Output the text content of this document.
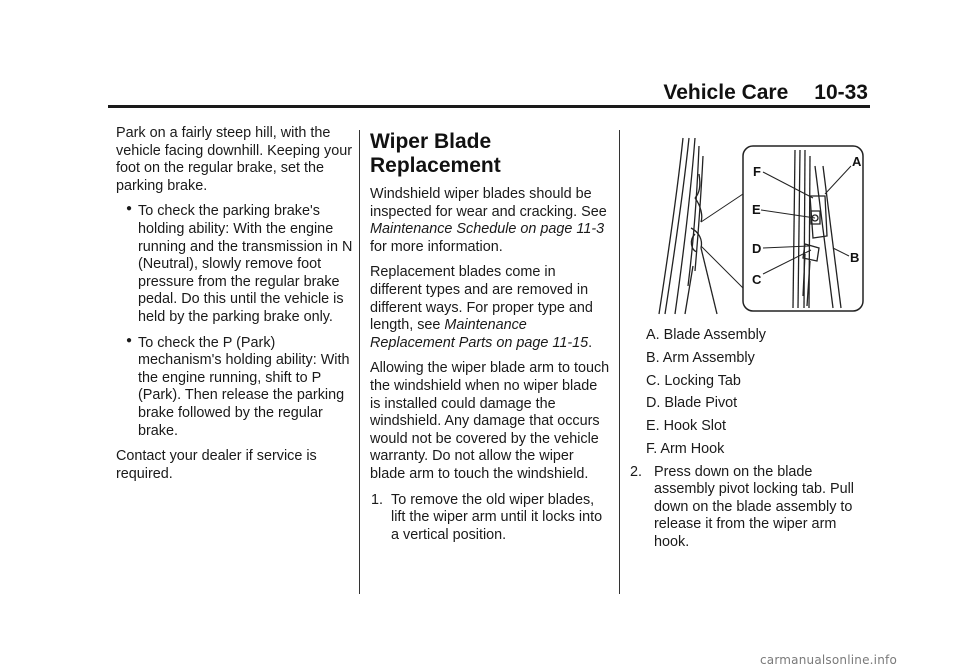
Vehicle Care 10-33

Park on a fairly steep hill, with the vehicle facing downhill. Keeping your foot on the regular brake, set the parking brake.

● To check the parking brake's holding ability: With the engine running and the transmission in N (Neutral), slowly remove foot pressure from the regular brake pedal. Do this until the vehicle is held by the parking brake only.
● To check the P (Park) mechanism's holding ability: With the engine running, shift to P (Park). Then release the parking brake followed by the regular brake.

Contact your dealer if service is required.

Wiper Blade Replacement

Windshield wiper blades should be inspected for wear and cracking. See Maintenance Schedule on page 11-3 for more information.

Replacement blades come in different types and are removed in different ways. For proper type and length, see Maintenance Replacement Parts on page 11-15.

Allowing the wiper blade arm to touch the windshield when no wiper blade is installed could damage the windshield. Any damage that occurs would not be covered by the vehicle warranty. Do not allow the wiper blade arm to touch the windshield.

1. To remove the old wiper blades, lift the wiper arm until it locks into a vertical position.
F
A
E
D
C
B
A. Blade Assembly
B. Arm Assembly
C. Locking Tab
D. Blade Pivot
E. Hook Slot
F. Arm Hook
2. Press down on the blade assembly pivot locking tab. Pull down on the blade assembly to release it from the wiper arm hook.
carmanualsonline.info
